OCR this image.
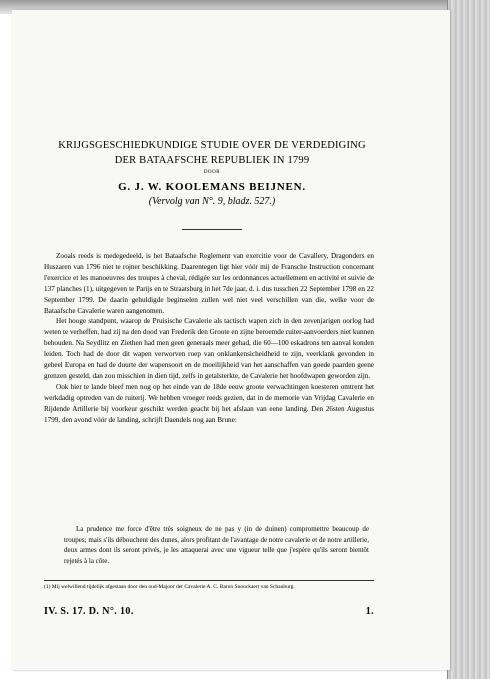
KRIJGSGESCHIEDKUNDIGE STUDIE OVER DE VERDEDIGING
DER BATAAFSCHE REPUBLIEK IN 1799
DOOR
G. J. W. KOOLEMANS BEIJNEN.
(Vervolg van N°. 9, bladz. 527.)

Zooals reeds is medegedeeld, is het Bataafsche Reglement van exercitie voor de Cavallery, Dragonders en Huszaren van 1796 niet te rojner beschikking. Daarentegen ligt hier vóór mij de Fransche Instruction concernant l'exercice et les manoeuvres des troupes à cheval, rédigée sur les ordonnances actuellement en activité et suivie de 137 planches (1), uitgegeven te Parijs en te Straatsburg in het 7de jaar, d. i. dus tusschen 22 September 1798 en 22 September 1799. De daarin gehuldigde beginselen zullen wel niet veel verschillen van die, welke voor de Bataafsche Cavalerie waren aangenomen.

Het hooge standpunt, waarop de Pruisische Cavalerie als tactisch wapen zich in den zevenjarigen oorlog had weten te verheffen, had zij na den dood van Frederik den Groote en zijne beroemde ruiter-aanvoerders niet kunnen behouden. Na Seydlitz en Ziethen had men geen generaals meer gehad, die 60—100 eskadrons ten aanval konden leiden. Toch had de door dit wapen verworven roep van onklankensicheidheid te zijn, veerklank gevonden in geheel Europa en had de duurte der wapensoort en de moeilijkheid van het aanschaffen van goede paarden geene grenzen gesteld, dan zou misschien in dien tijd, zelfs in getalsterkte, de Cavalerie het hoofdwapen geworden zijn.

Ook hier te lande bleef men nog op het einde van de 18de eeuw groote verwachtingen koesteren omtrent het werkdadig optreden van de ruiterij. We hebben vroeger reeds gezien, dat in de memorie van Vrijdag Cavalerie en Rijdende Artillerie bij voorkeur geschikt werden geacht bij het afslaan van eene landing. Den 26sten Augustus 1799, den avond vóór de landing, schrijft Daendels nog aan Brune:

La prudence me force d'être très soigneux de ne pas y (in de duinen) compromettre beaucoup de troupes; mais s'ils débouchent des dunes, alors profitant de l'avantage de notre cavalerie et de notre artillerie, deux armes dont ils seront privés, je les attaquerai avec une vigueur telle que j'espère qu'ils seront bientôt rejetés à la côte.

(1) Mij welwillend tijdelijk afgestaan door den oud-Majoor der Cavalerie A. C. Baron Snouckaert van Schauburg.
IV. S. 17. D. N°. 10.	1.
